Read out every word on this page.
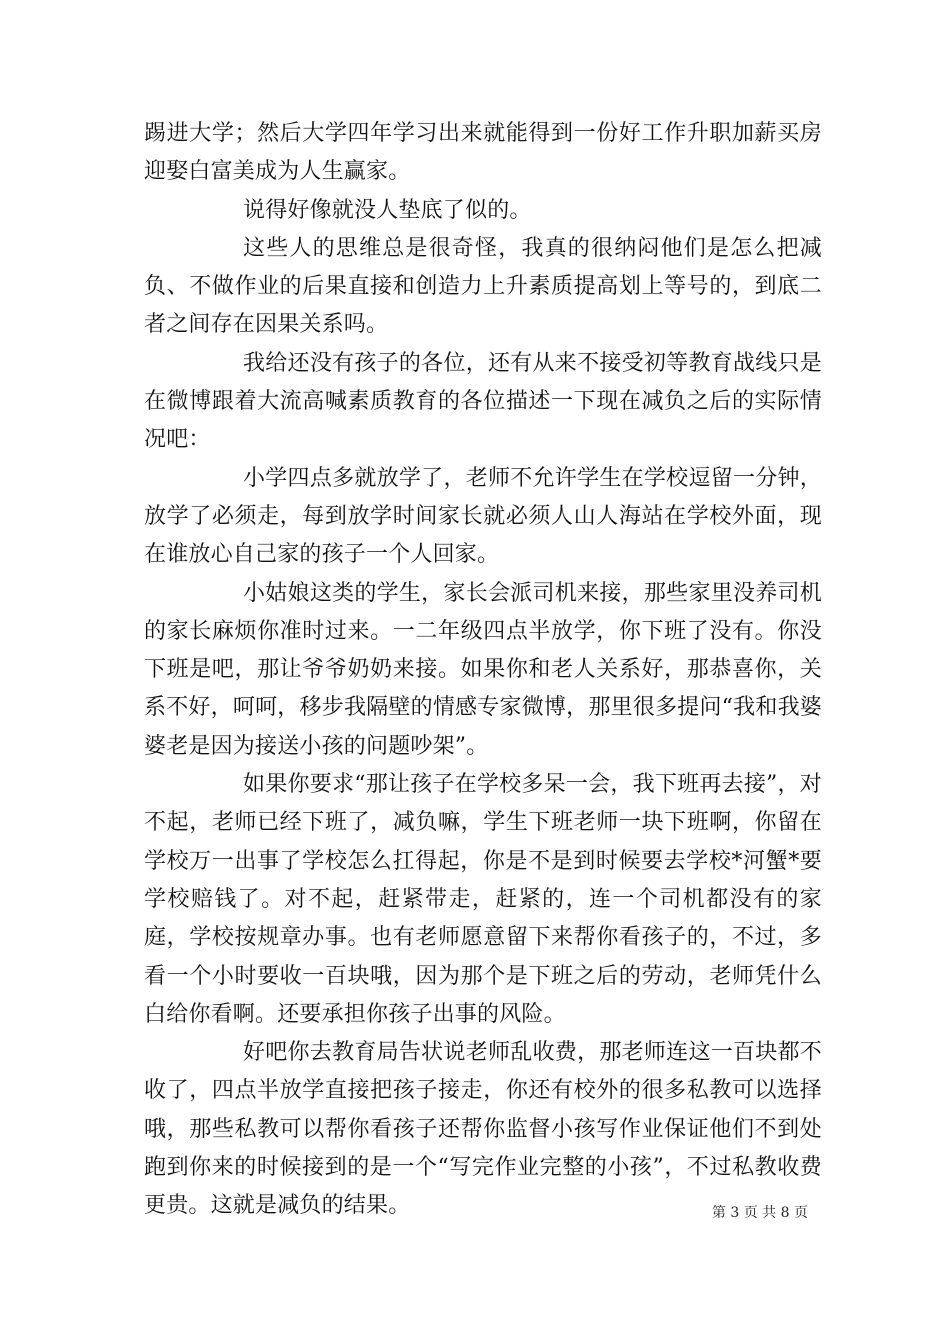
踢进大学；然后大学四年学习出来就能得到一份好工作升职加薪买房迎娶白富美成为人生赢家。

说得好像就没人垫底了似的。

这些人的思维总是很奇怪，我真的很纳闷他们是怎么把减负、不做作业的后果直接和创造力上升素质提高划上等号的，到底二者之间存在因果关系吗。

我给还没有孩子的各位，还有从来不接受初等教育战线只是在微博跟着大流高喊素质教育的各位描述一下现在减负之后的实际情况吧：

小学四点多就放学了，老师不允许学生在学校逗留一分钟，放学了必须走，每到放学时间家长就必须人山人海站在学校外面，现在谁放心自己家的孩子一个人回家。

小姑娘这类的学生，家长会派司机来接，那些家里没养司机的家长麻烦你准时过来。一二年级四点半放学，你下班了没有。你没下班是吧，那让爷爷奶奶来接。如果你和老人关系好，那恭喜你，关系不好，呵呵，移步我隔壁的情感专家微博，那里很多提问“我和我婆婆老是因为接送小孩的问题吵架”。

如果你要求“那让孩子在学校多呆一会，我下班再去接”，对不起，老师已经下班了，减负嘛，学生下班老师一块下班啊，你留在学校万一出事了学校怎么扛得起，你是不是到时候要去学校*河蟹*要学校赔钱了。对不起，赶紧带走，赶紧的，连一个司机都没有的家庭，学校按规章办事。也有老师愿意留下来帮你看孩子的，不过，多看一个小时要收一百块哦，因为那个是下班之后的劳动，老师凭什么白给你看啊。还要承担你孩子出事的风险。

好吧你去教育局告状说老师乱收费，那老师连这一百块都不收了，四点半放学直接把孩子接走，你还有校外的很多私教可以选择哦，那些私教可以帮你看孩子还帮你监督小孩写作业保证他们不到处跑到你来的时候接到的是一个“写完作业完整的小孩”，不过私教收费更贵。这就是减负的结果。	第 3 页 共 8 页
